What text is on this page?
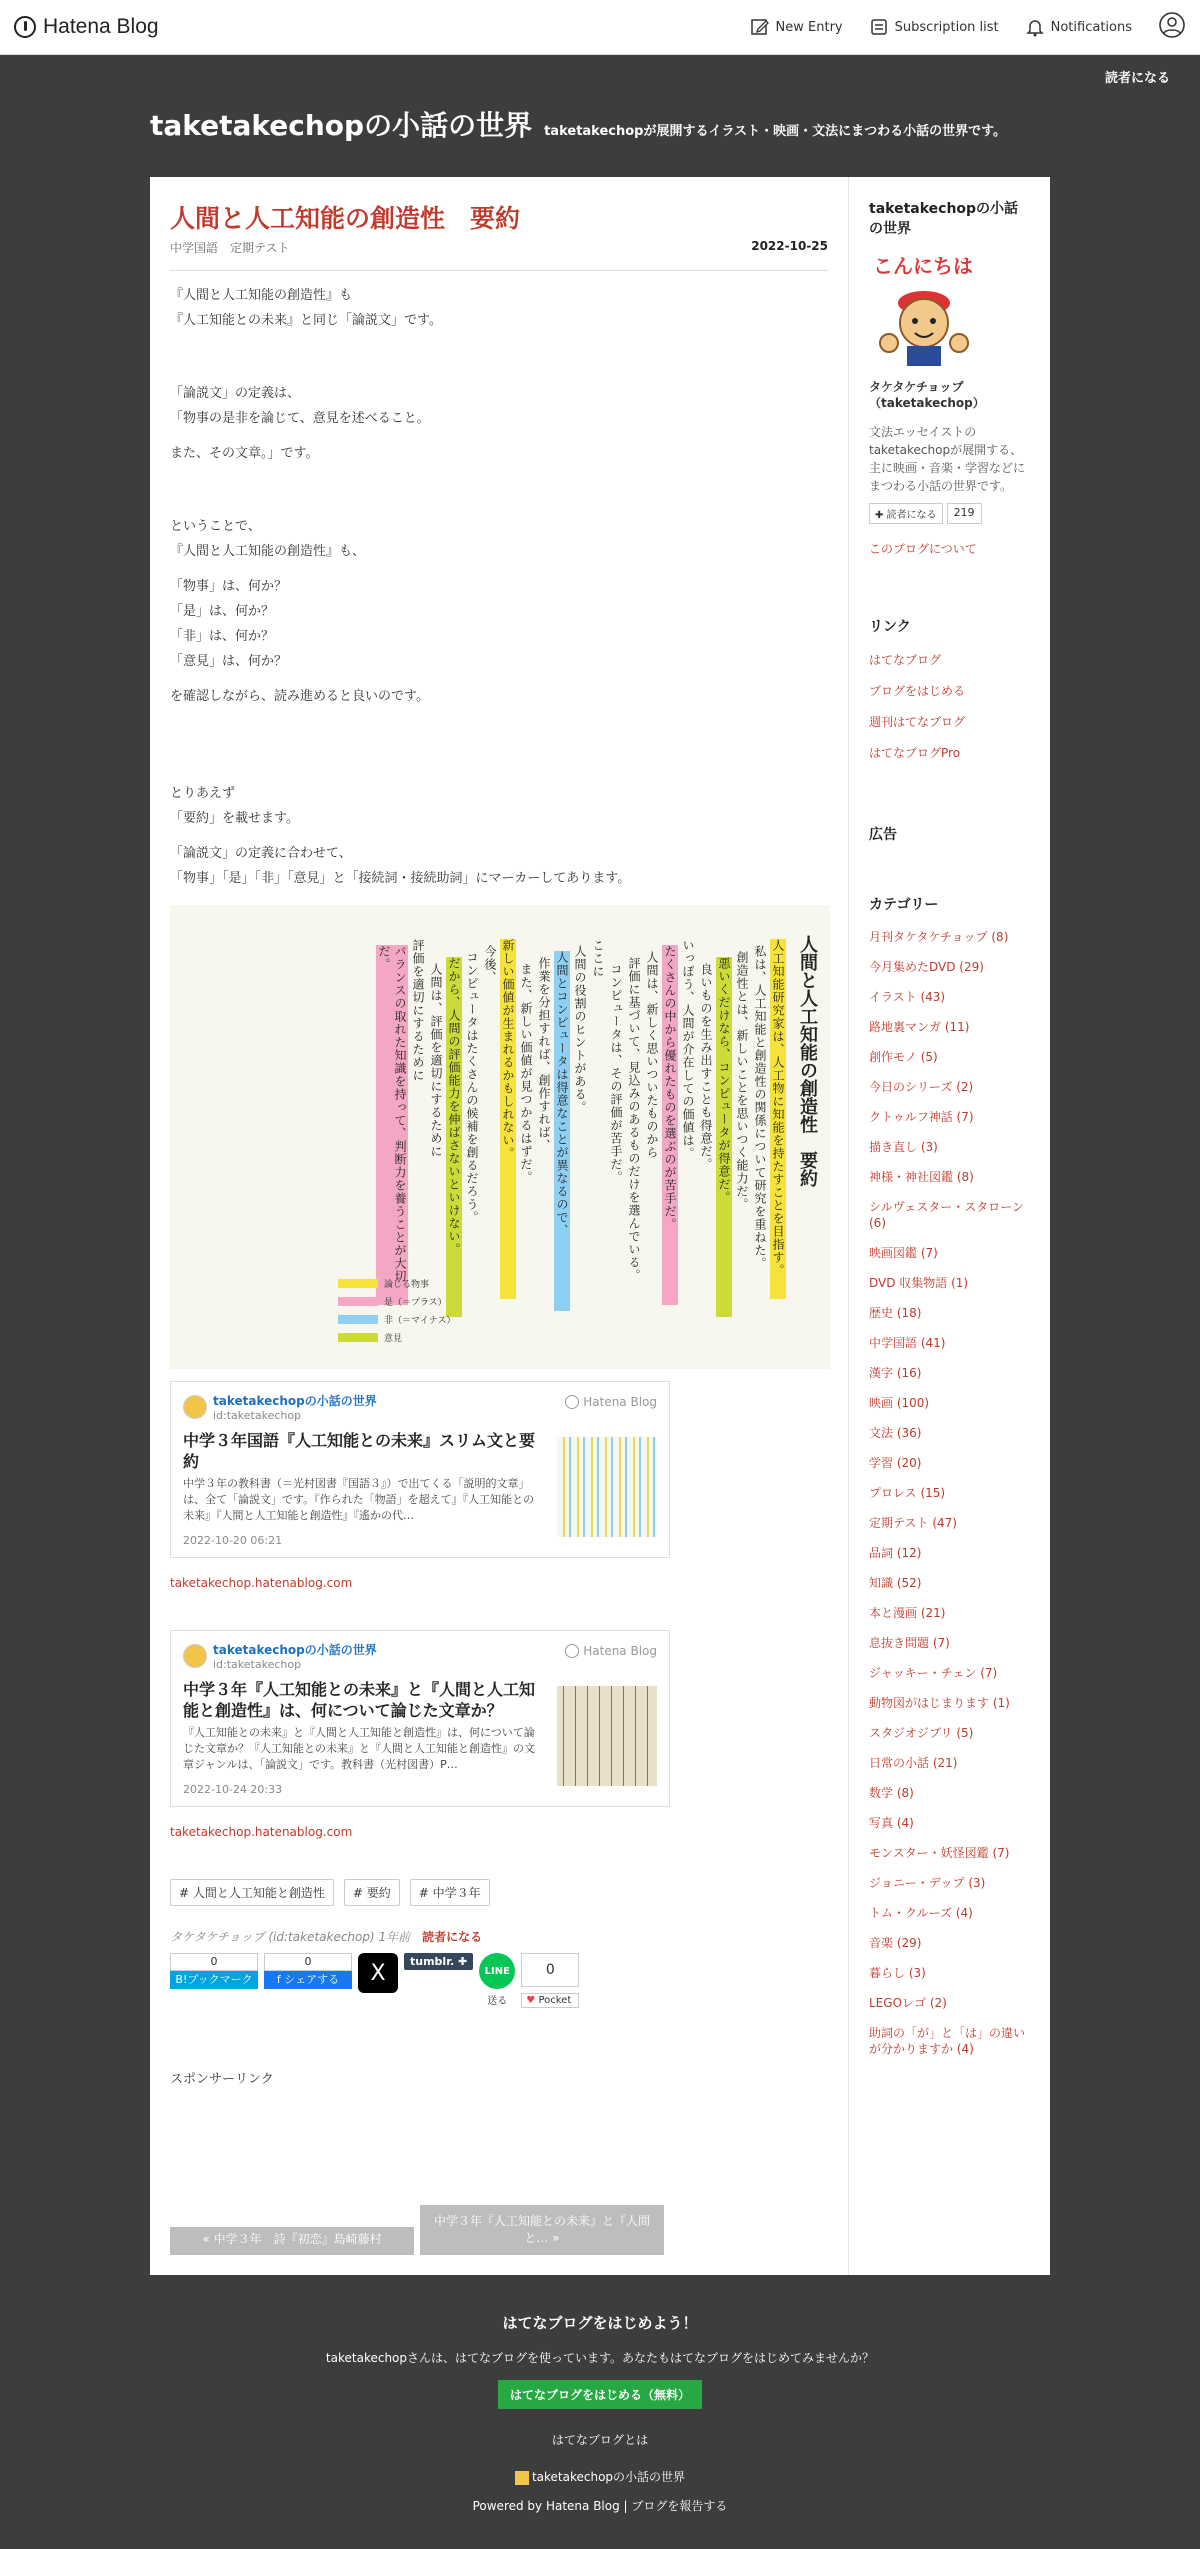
Hatena Blog	New Entry	Subscription list	Notifications
読者になる
taketakechopの小話の世界 taketakechopが展開するイラスト・映画・文法にまつわる小話の世界です。

人間と人工知能の創造性　要約
中学国語　定期テスト	2022-10-25
『人間と人工知能の創造性』も
『人工知能との未来』と同じ「論説文」です。
「論説文」の定義は、
「物事の是非を論じて、意見を述べること。
また、その文章。」です。
ということで、
『人間と人工知能の創造性』も、
「物事」は、何か？
「是」は、何か？
「非」は、何か？
「意見」は、何か？
を確認しながら、読み進めると良いのです。
とりあえず
「要約」を載せます。
「論説文」の定義に合わせて、
「物事」「是」「非」「意見」と「接続詞・接続助詞」にマーカーしてあります。
人間と人工知能の創造性　要約
人工知能研究家は、人工物に知能を持たすことを目指す。
私は、人工知能と創造性の関係について研究を重ねた。
創造性とは、新しいことを思いつく能力だ。
悪いくだけなら、コンピュータが得意だ。
良いものを生み出すことも得意だ。
いっぽう、人間が介在しての価値は。
たくさんの中から優れたものを選ぶのが苦手だ。
人間は、新しく思いついたものから
評価に基づいて、見込みのあるものだけを選んでいる。
コンピュータは、その評価が苦手だ。
ここに
人間の役割のヒントがある。
人間とコンピュータは得意なことが異なるので、
作業を分担すれば、創作すれば、
また、新しい価値が見つかるはずだ。
新しい価値が生まれるかもしれない。
今後、
コンピュータはたくさんの候補を創るだろう。
だから、人間の評価能力を伸ばさないといけない。
人間は、評価を適切にするために
評価を適切にするために
バランスの取れた知識を持って、判断力を養うことが大切だ。
論じる物事
是（＝プラス）
非（＝マイナス）
意見
taketakechopの小話の世界
id:taketakechop
Hatena Blog
中学３年国語『人工知能との未来』スリム文と要約
中学３年の教科書（＝光村図書『国語３』）で出てくる「説明的文章」は、全て「論説文」です。『作られた「物語」を超えて』『人工知能との未来』『人間と人工知能と創造性』『遙かの代…
2022-10-20 06:21
taketakechop.hatenablog.com
taketakechopの小話の世界
id:taketakechop
Hatena Blog
中学３年『人工知能との未来』と『人間と人工知能と創造性』は、何について論じた文章か？
『人工知能との未来』と『人間と人工知能と創造性』は、何について論じた文章か？『人工知能との未来』と『人間と人工知能と創造性』の文章ジャンルは、「論説文」です。教科書（光村図書）P…
2022-10-24 20:33
taketakechop.hatenablog.com
# 人間と人工知能と創造性	# 要約	# 中学３年
タケタケチョップ (id:taketakechop) 1年前　 読者になる
0
B!ブックマーク
0
f シェアする	X	tumblr. ✚
LINE
送る
0
♥ Pocket
スポンサーリンク
« 中学３年　詩『初恋』島崎藤村
中学３年『人工知能との未来』と『人間と… »
taketakechopの小話の世界
こんにちは
タケタケチョップ（taketakechop）
文法エッセイストのtaketakechopが展開する、主に映画・音楽・学習などにまつわる小話の世界です。
✚ 読者になる	219
このブログについて
リンク
はてなブログ
ブログをはじめる
週刊はてなブログ
はてなブログPro
広告
カテゴリー
月刊タケタケチョップ (8)
今月集めたDVD (29)
イラスト (43)
路地裏マンガ (11)
創作モノ (5)
今日のシリーズ (2)
クトゥルフ神話 (7)
描き直し (3)
神様・神社図鑑 (8)
シルヴェスター・スタローン (6)
映画図鑑 (7)
DVD 収集物語 (1)
歴史 (18)
中学国語 (41)
漢字 (16)
映画 (100)
文法 (36)
学習 (20)
プロレス (15)
定期テスト (47)
品詞 (12)
知識 (52)
本と漫画 (21)
息抜き問題 (7)
ジャッキー・チェン (7)
動物図がはじまります (1)
スタジオジブリ (5)
日常の小話 (21)
数学 (8)
写真 (4)
モンスター・妖怪図鑑 (7)
ジョニー・デップ (3)
トム・クルーズ (4)
音楽 (29)
暮らし (3)
LEGOレゴ (2)
助詞の「が」と「は」の違いが分かりますか (4)
はてなブログをはじめよう！

taketakechopさんは、はてなブログを使っています。あなたもはてなブログをはじめてみませんか？

はてなブログをはじめる（無料）
はてなブログとは
taketakechopの小話の世界
Powered by Hatena Blog | ブログを報告する
